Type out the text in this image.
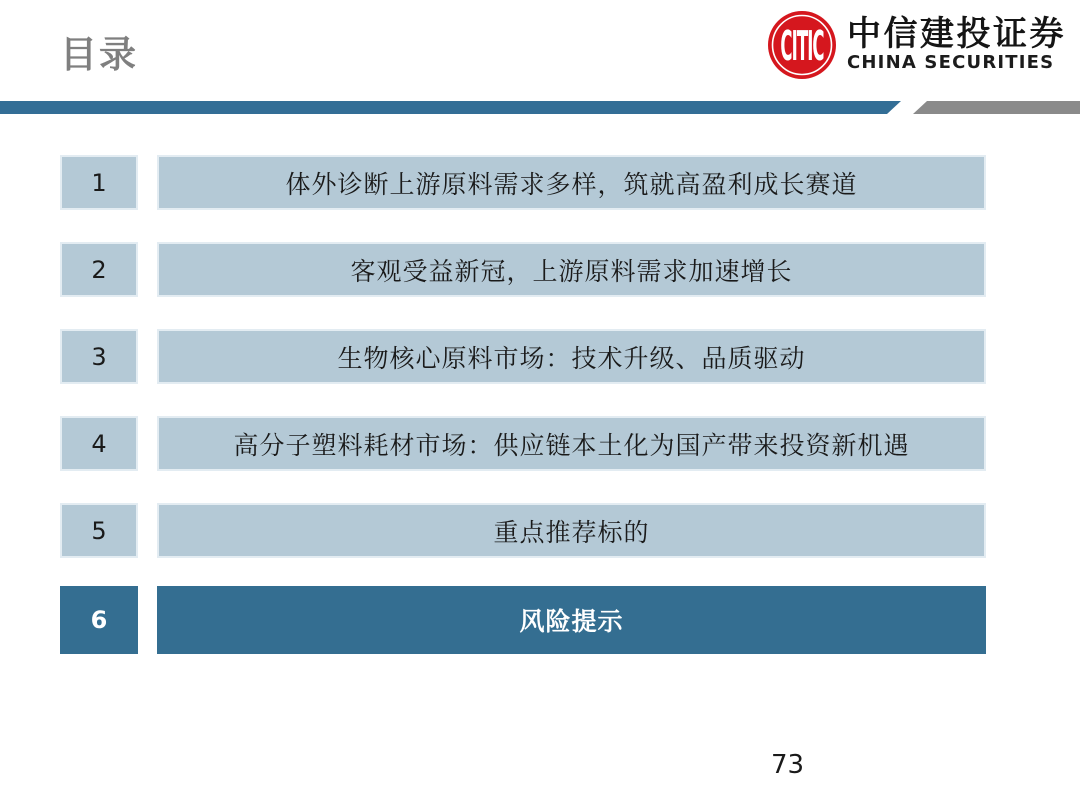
目录	CITIC 中信建投证券
CHINA SECURITIES
1	体外诊断上游原料需求多样，筑就高盈利成长赛道
2	客观受益新冠，上游原料需求加速增长
3	生物核心原料市场：技术升级、品质驱动
4	高分子塑料耗材市场：供应链本土化为国产带来投资新机遇
5	重点推荐标的
6	风险提示
73
